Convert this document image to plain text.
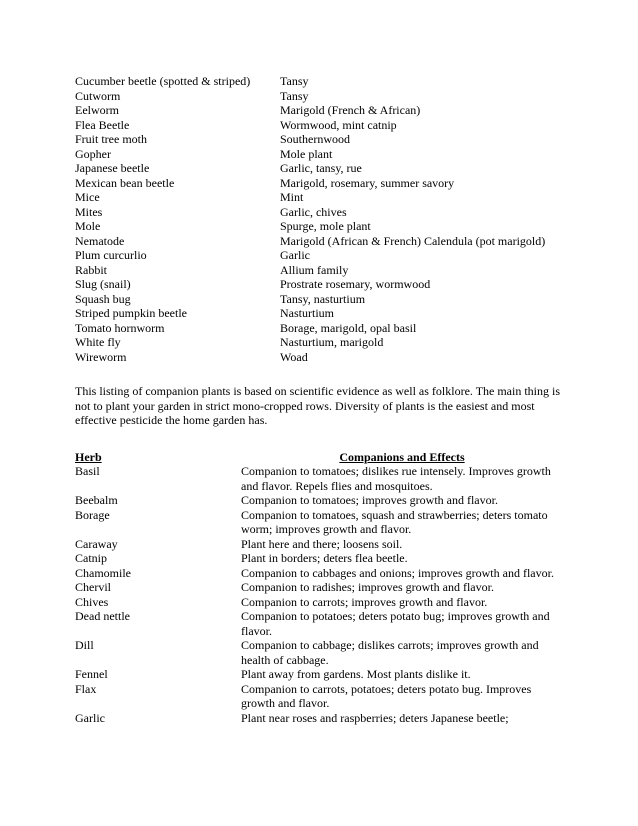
Cucumber beetle (spotted & striped)	Tansy
Cutworm	Tansy
Eelworm	Marigold (French & African)
Flea Beetle	Wormwood, mint catnip
Fruit tree moth	Southernwood
Gopher	Mole plant
Japanese beetle	Garlic, tansy, rue
Mexican bean beetle	Marigold, rosemary, summer savory
Mice	Mint
Mites	Garlic, chives
Mole	Spurge, mole plant
Nematode	Marigold (African & French) Calendula (pot marigold)
Plum curcurlio	Garlic
Rabbit	Allium family
Slug (snail)	Prostrate rosemary, wormwood
Squash bug	Tansy, nasturtium
Striped pumpkin beetle	Nasturtium
Tomato hornworm	Borage, marigold, opal basil
White fly	Nasturtium, marigold
Wireworm	Woad

This listing of companion plants is based on scientific evidence as well as folklore. The main thing is not to plant your garden in strict mono-cropped rows. Diversity of plants is the easiest and most effective pesticide the home garden has.

Herb	Companions and Effects
Basil	Companion to tomatoes; dislikes rue intensely. Improves growth and flavor. Repels flies and mosquitoes.
Beebalm	Companion to tomatoes; improves growth and flavor.
Borage	Companion to tomatoes, squash and strawberries; deters tomato worm; improves growth and flavor.
Caraway	Plant here and there; loosens soil.
Catnip	Plant in borders; deters flea beetle.
Chamomile	Companion to cabbages and onions; improves growth and flavor.
Chervil	Companion to radishes; improves growth and flavor.
Chives	Companion to carrots; improves growth and flavor.
Dead nettle	Companion to potatoes; deters potato bug; improves growth and flavor.
Dill	Companion to cabbage; dislikes carrots; improves growth and health of cabbage.
Fennel	Plant away from gardens. Most plants dislike it.
Flax	Companion to carrots, potatoes; deters potato bug. Improves growth and flavor.
Garlic	Plant near roses and raspberries; deters Japanese beetle;
